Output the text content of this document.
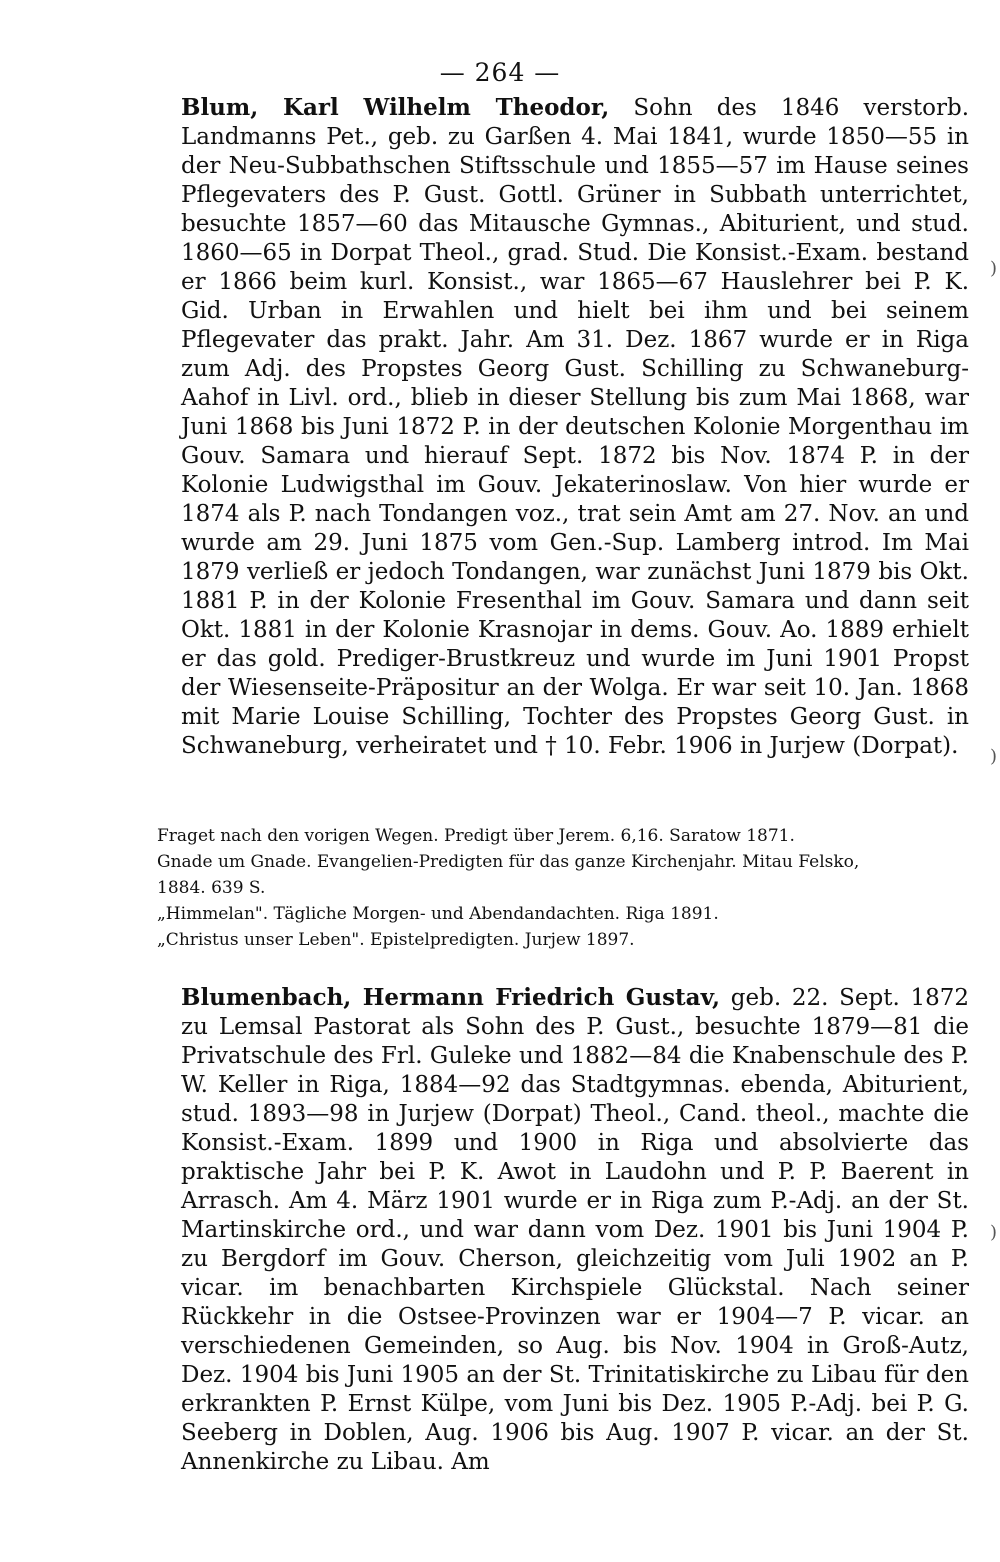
— 264 —

Blum, Karl Wilhelm Theodor, Sohn des 1846 verstorb. Landmanns Pet., geb. zu Garßen 4. Mai 1841, wurde 1850—55 in der Neu-Subbathschen Stiftsschule und 1855—57 im Hause seines Pflegevaters des P. Gust. Gottl. Grüner in Subbath unterrichtet, besuchte 1857—60 das Mitausche Gymnas., Abiturient, und stud. 1860—65 in Dorpat Theol., grad. Stud. Die Konsist.-Exam. bestand er 1866 beim kurl. Konsist., war 1865—67 Hauslehrer bei P. K. Gid. Urban in Erwahlen und hielt bei ihm und bei seinem Pflegevater das prakt. Jahr. Am 31. Dez. 1867 wurde er in Riga zum Adj. des Propstes Georg Gust. Schilling zu Schwaneburg-Aahof in Livl. ord., blieb in dieser Stellung bis zum Mai 1868, war Juni 1868 bis Juni 1872 P. in der deutschen Kolonie Morgenthau im Gouv. Samara und hierauf Sept. 1872 bis Nov. 1874 P. in der Kolonie Ludwigsthal im Gouv. Jekaterinoslaw. Von hier wurde er 1874 als P. nach Tondangen voz., trat sein Amt am 27. Nov. an und wurde am 29. Juni 1875 vom Gen.-Sup. Lamberg introd. Im Mai 1879 verließ er jedoch Tondangen, war zunächst Juni 1879 bis Okt. 1881 P. in der Kolonie Fresenthal im Gouv. Samara und dann seit Okt. 1881 in der Kolonie Krasnojar in dems. Gouv. Ao. 1889 erhielt er das gold. Prediger-Brustkreuz und wurde im Juni 1901 Propst der Wiesenseite-Präpositur an der Wolga. Er war seit 10. Jan. 1868 mit Marie Louise Schilling, Tochter des Propstes Georg Gust. in Schwaneburg, verheiratet und † 10. Febr. 1906 in Jurjew (Dorpat).

Fraget nach den vorigen Wegen. Predigt über Jerem. 6,16. Saratow 1871.
Gnade um Gnade. Evangelien-Predigten für das ganze Kirchenjahr. Mitau Felsko, 1884. 639 S.
„Himmelan". Tägliche Morgen- und Abendandachten. Riga 1891.
„Christus unser Leben". Epistelpredigten. Jurjew 1897.

Blumenbach, Hermann Friedrich Gustav, geb. 22. Sept. 1872 zu Lemsal Pastorat als Sohn des P. Gust., besuchte 1879—81 die Privatschule des Frl. Guleke und 1882—84 die Knabenschule des P. W. Keller in Riga, 1884—92 das Stadtgymnas. ebenda, Abiturient, stud. 1893—98 in Jurjew (Dorpat) Theol., Cand. theol., machte die Konsist.-Exam. 1899 und 1900 in Riga und absolvierte das praktische Jahr bei P. K. Awot in Laudohn und P. P. Baerent in Arrasch. Am 4. März 1901 wurde er in Riga zum P.-Adj. an der St. Martinskirche ord., und war dann vom Dez. 1901 bis Juni 1904 P. zu Bergdorf im Gouv. Cherson, gleichzeitig vom Juli 1902 an P. vicar. im benachbarten Kirchspiele Glückstal. Nach seiner Rückkehr in die Ostsee-Provinzen war er 1904—7 P. vicar. an verschiedenen Gemeinden, so Aug. bis Nov. 1904 in Groß-Autz, Dez. 1904 bis Juni 1905 an der St. Trinitatiskirche zu Libau für den erkrankten P. Ernst Külpe, vom Juni bis Dez. 1905 P.-Adj. bei P. G. Seeberg in Doblen, Aug. 1906 bis Aug. 1907 P. vicar. an der St. Annenkirche zu Libau. Am

)
)
)
